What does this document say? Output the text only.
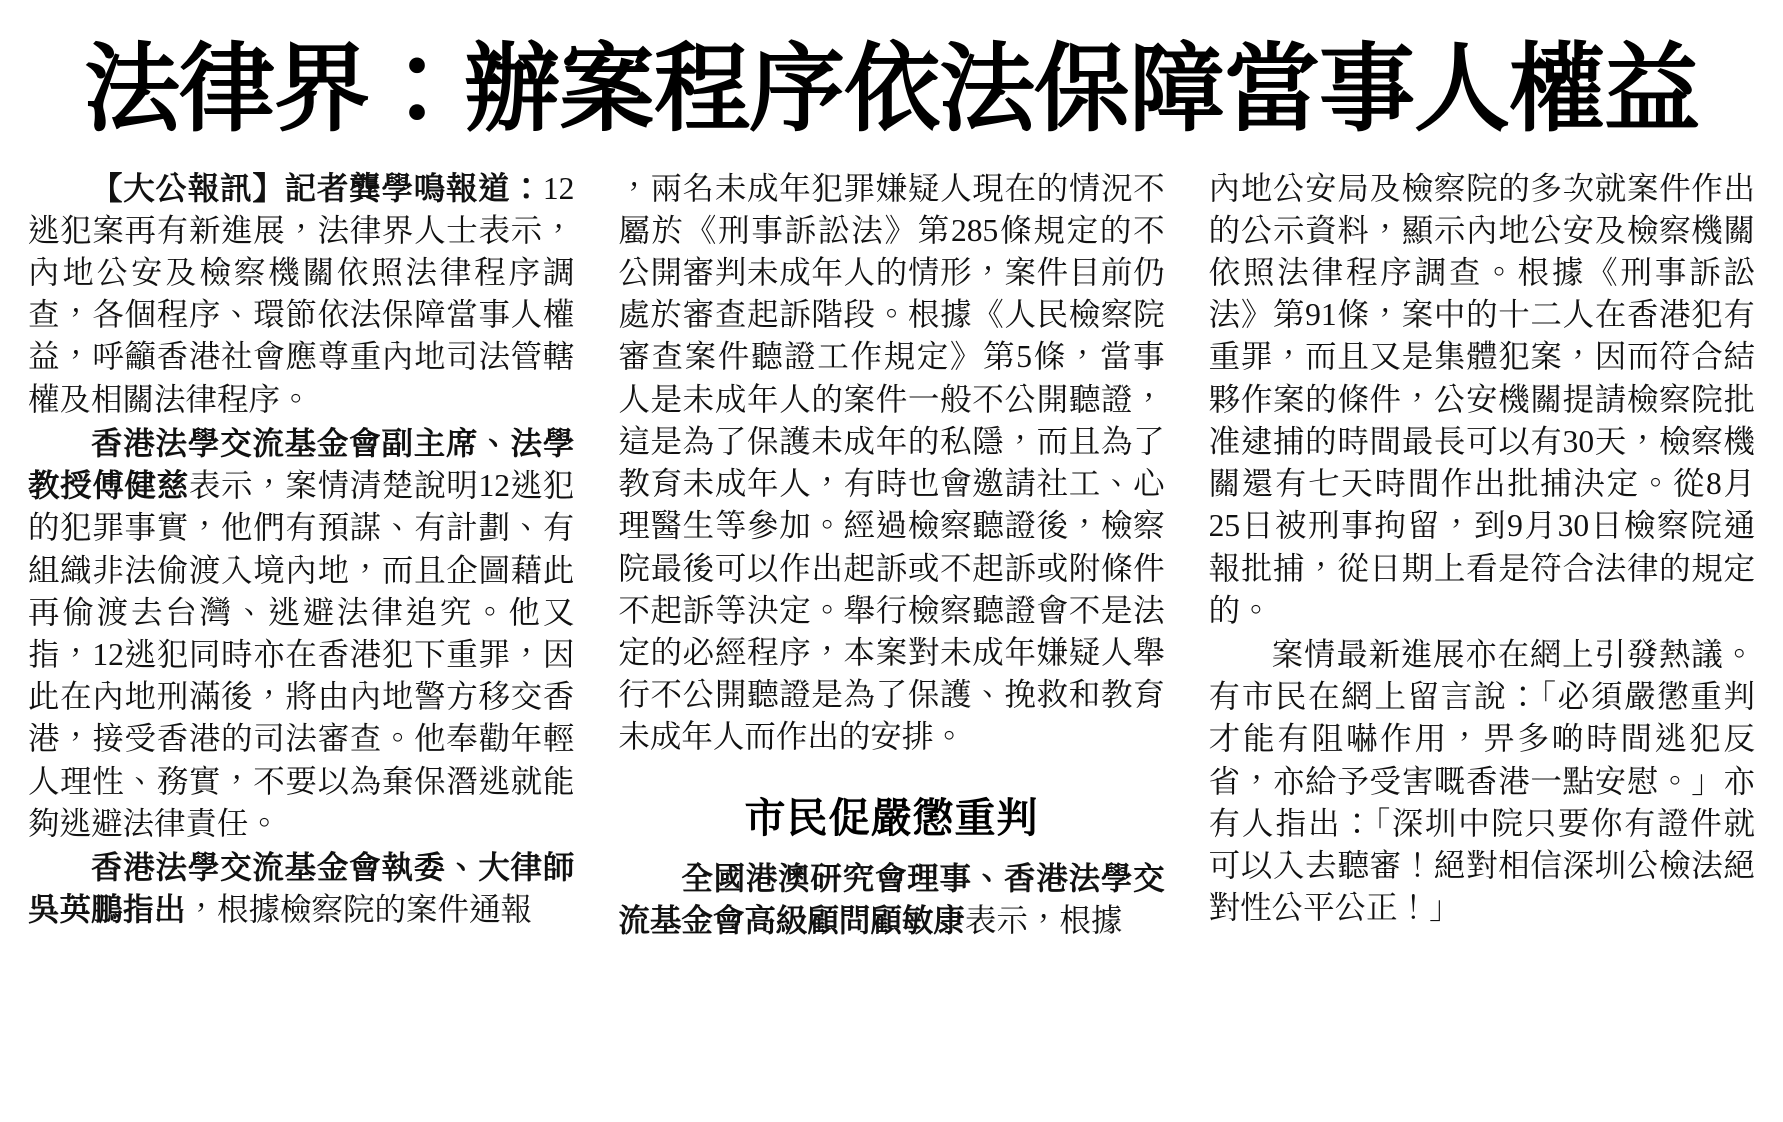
法律界：辦案程序依法保障當事人權益

【大公報訊】記者龔學鳴報道：12逃犯案再有新進展，法律界人士表示，內地公安及檢察機關依照法律程序調查，各個程序、環節依法保障當事人權益，呼籲香港社會應尊重內地司法管轄權及相關法律程序。

香港法學交流基金會副主席、法學教授傅健慈表示，案情清楚說明12逃犯的犯罪事實，他們有預謀、有計劃、有組織非法偷渡入境內地，而且企圖藉此再偷渡去台灣、逃避法律追究。他又指，12逃犯同時亦在香港犯下重罪，因此在內地刑滿後，將由內地警方移交香港，接受香港的司法審查。他奉勸年輕人理性、務實，不要以為棄保潛逃就能夠逃避法律責任。

香港法學交流基金會執委、大律師吳英鵬指出，根據檢察院的案件通報

，兩名未成年犯罪嫌疑人現在的情況不屬於《刑事訴訟法》第285條規定的不公開審判未成年人的情形，案件目前仍處於審查起訴階段。根據《人民檢察院審查案件聽證工作規定》第5條，當事人是未成年人的案件一般不公開聽證，這是為了保護未成年的私隱，而且為了教育未成年人，有時也會邀請社工、心理醫生等參加。經過檢察聽證後，檢察院最後可以作出起訴或不起訴或附條件不起訴等決定。舉行檢察聽證會不是法定的必經程序，本案對未成年嫌疑人舉行不公開聽證是為了保護、挽救和教育未成年人而作出的安排。

市民促嚴懲重判

全國港澳研究會理事、香港法學交流基金會高級顧問顧敏康表示，根據

內地公安局及檢察院的多次就案件作出的公示資料，顯示內地公安及檢察機關依照法律程序調查。根據《刑事訴訟法》第91條，案中的十二人在香港犯有重罪，而且又是集體犯案，因而符合結夥作案的條件，公安機關提請檢察院批准逮捕的時間最長可以有30天，檢察機關還有七天時間作出批捕決定。從8月25日被刑事拘留，到9月30日檢察院通報批捕，從日期上看是符合法律的規定的。

案情最新進展亦在網上引發熱議。有市民在網上留言說：「必須嚴懲重判才能有阻嚇作用，畀多啲時間逃犯反省，亦給予受害嘅香港一點安慰。」亦有人指出：「深圳中院只要你有證件就可以入去聽審！絕對相信深圳公檢法絕對性公平公正！」
